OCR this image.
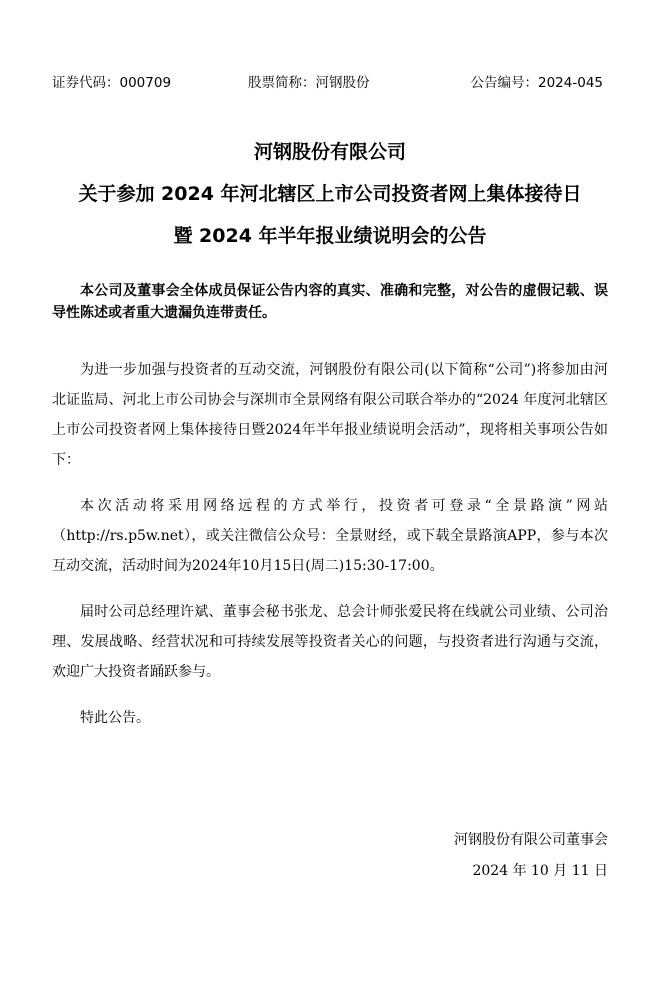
证券代码：000709	股票简称：河钢股份	公告编号：2024-045
河钢股份有限公司
关于参加 2024 年河北辖区上市公司投资者网上集体接待日
暨 2024 年半年报业绩说明会的公告
本公司及董事会全体成员保证公告内容的真实、准确和完整，对公告的虚假记载、误导性陈述或者重大遗漏负连带责任。
为进一步加强与投资者的互动交流，河钢股份有限公司(以下简称“公司”)将参加由河北证监局、河北上市公司协会与深圳市全景网络有限公司联合举办的“2024 年度河北辖区上市公司投资者网上集体接待日暨2024年半年报业绩说明会活动”，现将相关事项公告如下：
本次活动将采用网络远程的方式举行，投资者可登录“全景路演”网站（http://rs.p5w.net），或关注微信公众号：全景财经，或下载全景路演APP，参与本次互动交流，活动时间为2024年10月15日(周二)15:30-17:00。
届时公司总经理许斌、董事会秘书张龙、总会计师张爱民将在线就公司业绩、公司治理、发展战略、经营状况和可持续发展等投资者关心的问题，与投资者进行沟通与交流，欢迎广大投资者踊跃参与。
特此公告。
河钢股份有限公司董事会
2024 年 10 月 11 日
